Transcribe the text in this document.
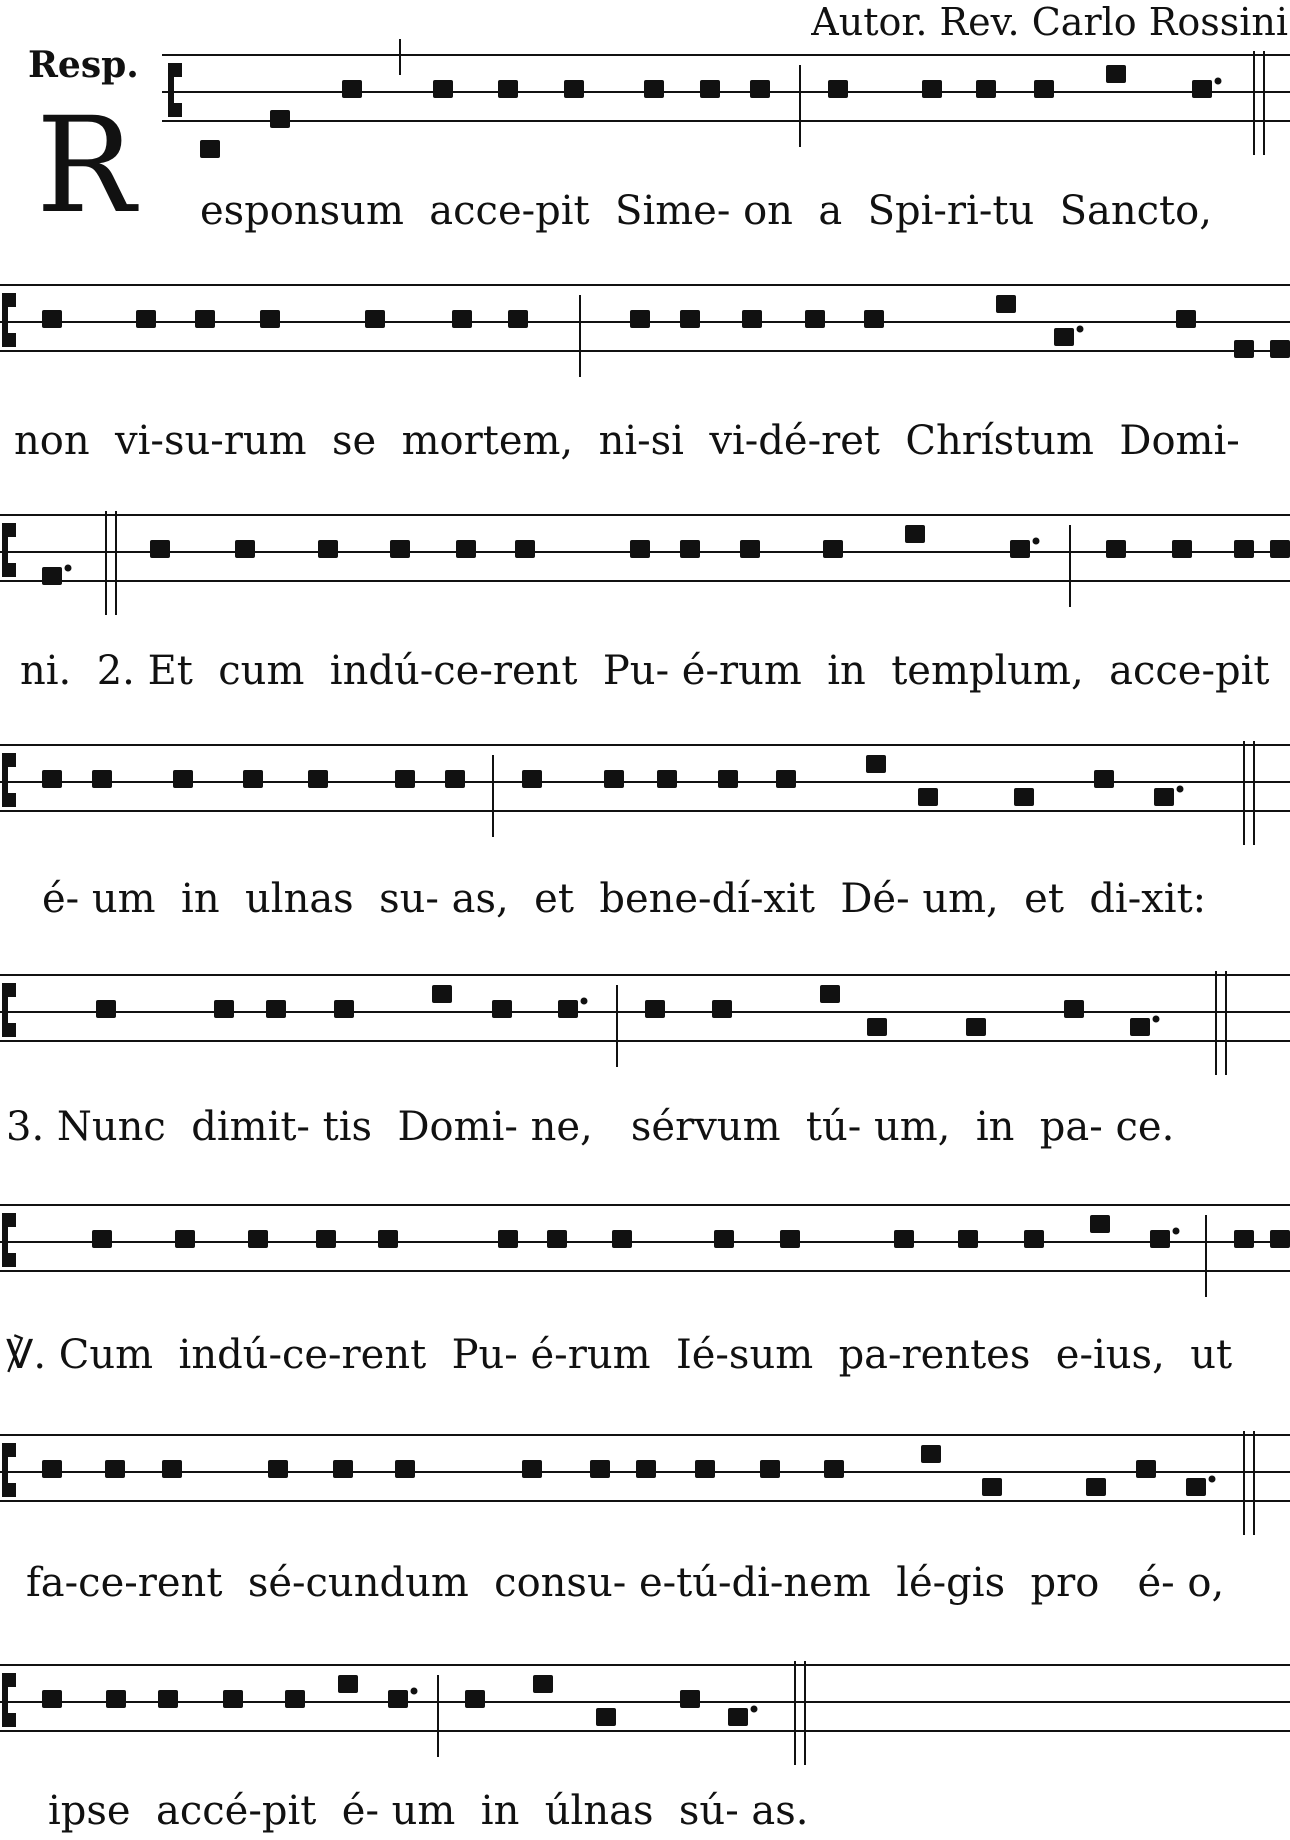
Autor. Rev. Carlo Rossini
Resp.
R esponsum  acce-pit  Sime- on  a  Spi-ri-tu  Sancto,
non  vi-su-rum  se  mortem,  ni-si  vi-dé-ret  Chrístum  Domi-
ni.  2. Et  cum  indú-ce-rent  Pu- é-rum  in  templum,  acce-pit
é- um  in  ulnas  su- as,  et  bene-dí-xit  Dé- um,  et  di-xit:
3. Nunc  dimit- tis  Domi- ne,   sérvum  tú- um,  in  pa- ce.
℣. Cum  indú-ce-rent  Pu- é-rum  Ié-sum  pa-rentes  e-ius,  ut
fa-ce-rent  sé-cundum  consu- e-tú-di-nem  lé-gis  pro   é- o,
ipse  accé-pit  é- um  in  úlnas  sú- as.
